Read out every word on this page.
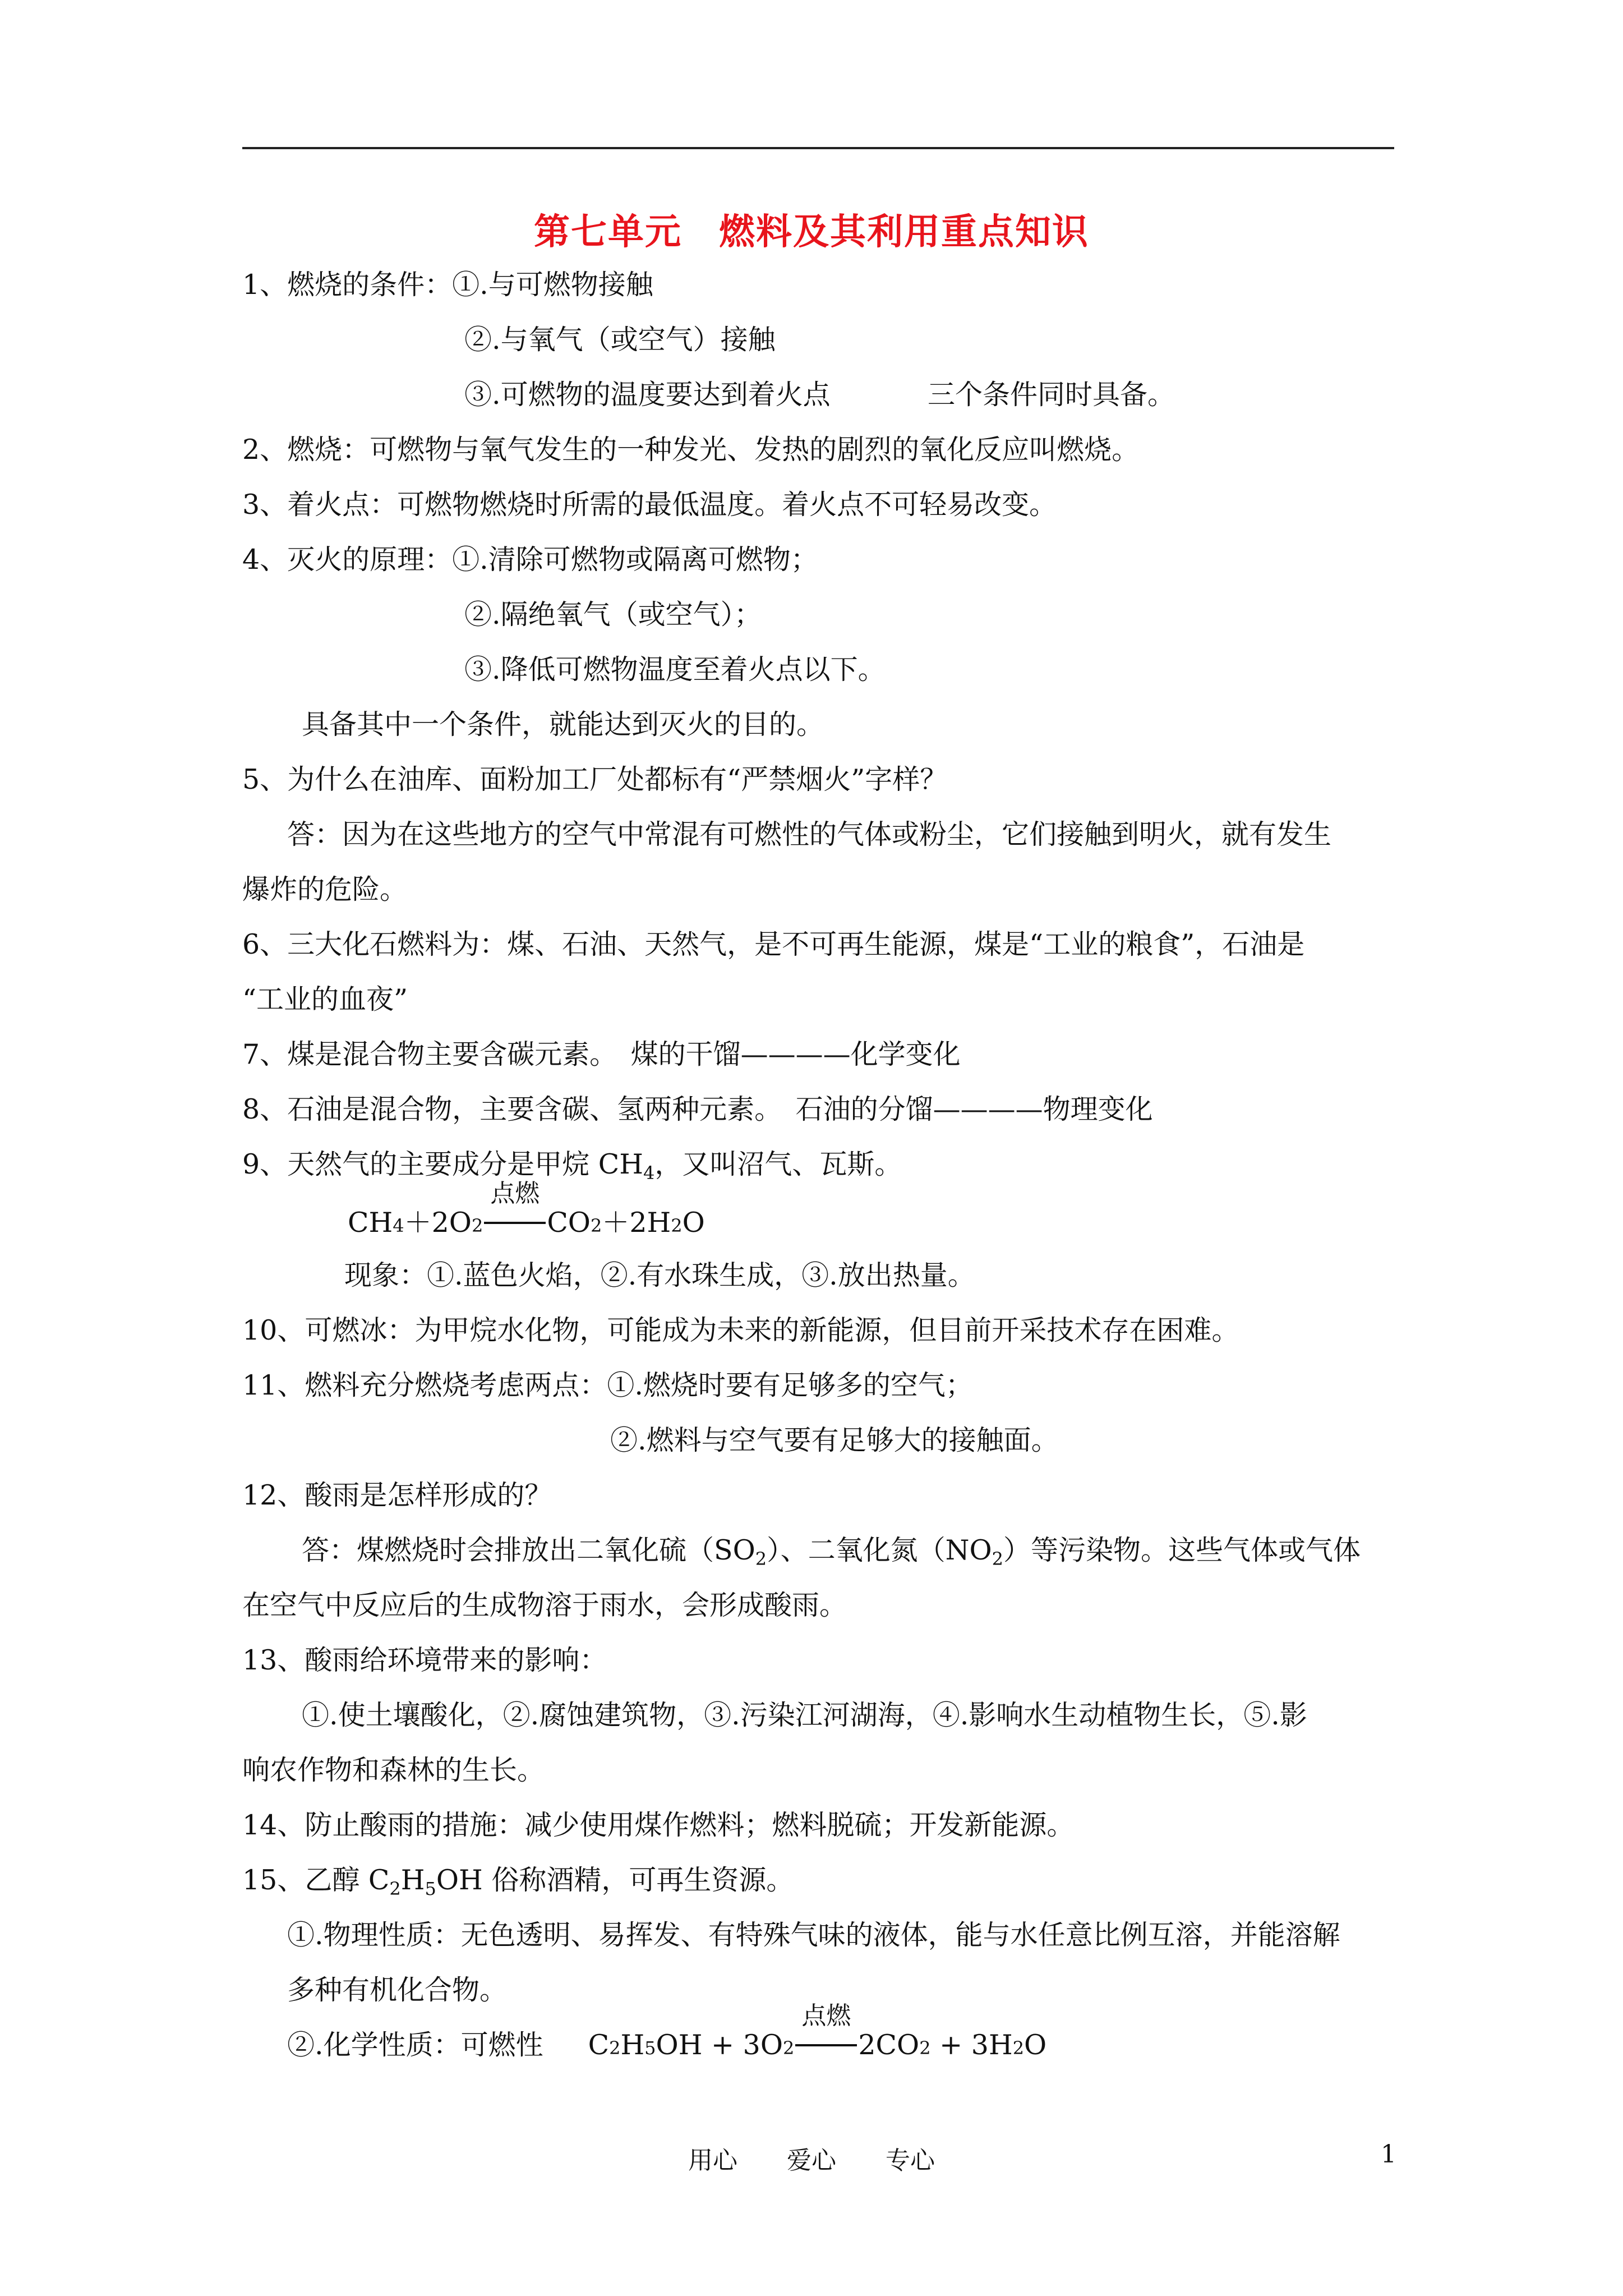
第七单元　燃料及其利用重点知识
1、燃烧的条件：①.与可燃物接触
②.与氧气（或空气）接触
③.可燃物的温度要达到着火点	三个条件同时具备。
2、燃烧：可燃物与氧气发生的一种发光、发热的剧烈的氧化反应叫燃烧。
3、着火点：可燃物燃烧时所需的最低温度。着火点不可轻易改变。
4、灭火的原理：①.清除可燃物或隔离可燃物；
②.隔绝氧气（或空气）；
③.降低可燃物温度至着火点以下。
具备其中一个条件，就能达到灭火的目的。
5、为什么在油库、面粉加工厂处都标有“严禁烟火”字样？
答：因为在这些地方的空气中常混有可燃性的气体或粉尘，它们接触到明火，就有发生
爆炸的危险。
6、三大化石燃料为：煤、石油、天然气，是不可再生能源，煤是“工业的粮食”，石油是
“工业的血夜”
7、煤是混合物主要含碳元素。　煤的干馏————化学变化
8、石油是混合物，主要含碳、氢两种元素。　石油的分馏————物理变化
9、天然气的主要成分是甲烷 $CH_4$，又叫沼气、瓦斯。
CH 4 ＋2O 2
点燃
CO 2 ＋2H 2 O
现象：①.蓝色火焰，②.有水珠生成，③.放出热量。
10、可燃冰：为甲烷水化物，可能成为未来的新能源，但目前开采技术存在困难。
11、燃料充分燃烧考虑两点：①.燃烧时要有足够多的空气；
②.燃料与空气要有足够大的接触面。
12、酸雨是怎样形成的？
答：煤燃烧时会排放出二氧化硫$(SO_2)$、二氧化氮$(NO_2)$等污染物。这些气体或气体
在空气中反应后的生成物溶于雨水，会形成酸雨。
13、酸雨给环境带来的影响：
①.使土壤酸化，②.腐蚀建筑物，③.污染江河湖海，④.影响水生动植物生长，⑤.影
响农作物和森林的生长。
14、防止酸雨的措施：减少使用煤作燃料；燃料脱硫；开发新能源。
15、乙醇 $C_2H_5OH$ 俗称酒精，可再生资源。
①.物理性质：无色透明、易挥发、有特殊气味的液体，能与水任意比例互溶，并能溶解
多种有机化合物。
②.化学性质：可燃性 C 2 H 5 OH + 3O 2
点燃
2CO 2 + 3H 2 O
用心　　爱心　　专心	1
